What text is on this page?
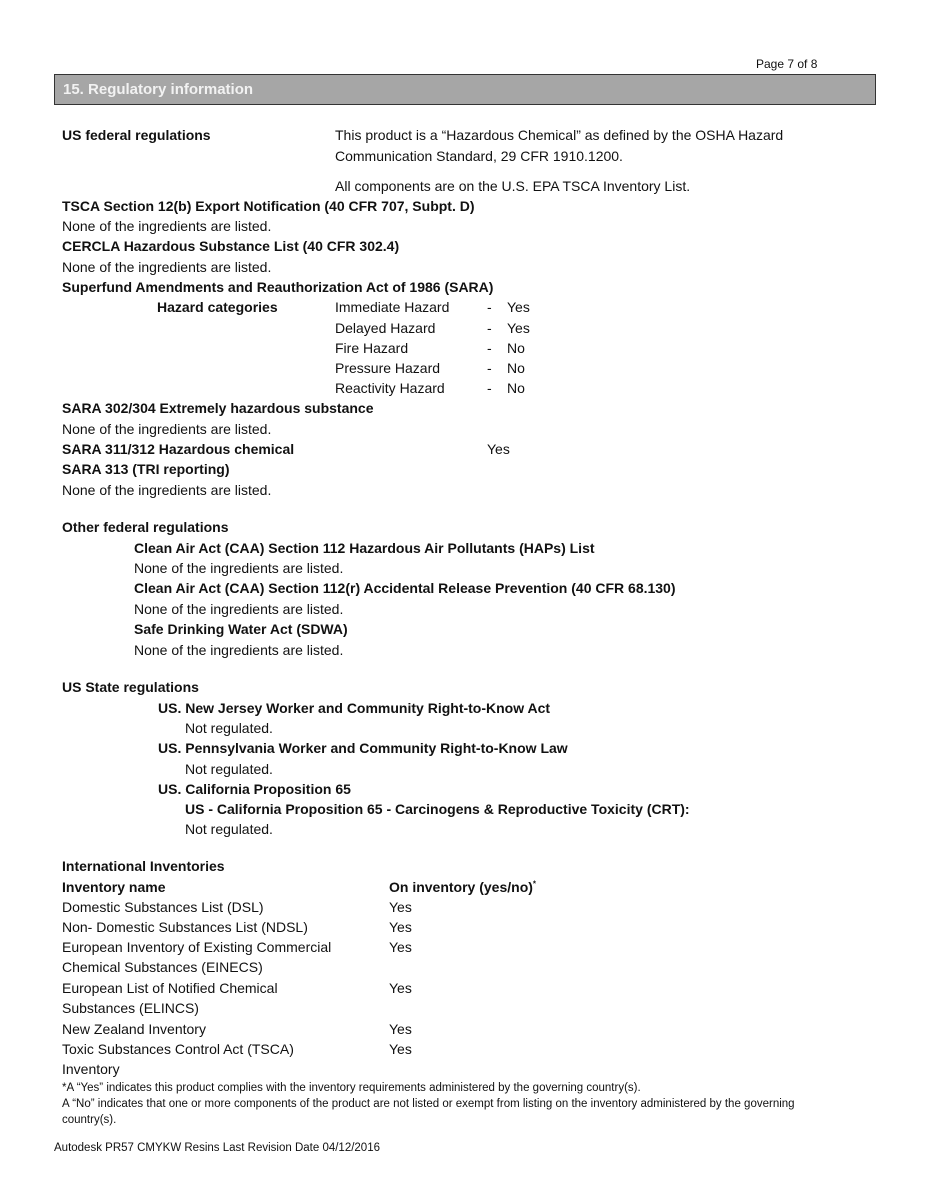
Page 7 of 8
15. Regulatory information
US federal regulations	This product is a “Hazardous Chemical” as defined by the OSHA Hazard
Communication Standard, 29 CFR 1910.1200.
All components are on the U.S. EPA TSCA Inventory List.
TSCA Section 12(b) Export Notification (40 CFR 707, Subpt. D)
None of the ingredients are listed.
CERCLA Hazardous Substance List (40 CFR 302.4)
None of the ingredients are listed.
Superfund Amendments and Reauthorization Act of 1986 (SARA)
Hazard categories	Immediate Hazard	- Yes
Delayed Hazard	- Yes
Fire Hazard	- No
Pressure Hazard	- No
Reactivity Hazard	- No
SARA 302/304 Extremely hazardous substance
None of the ingredients are listed.
SARA 311/312 Hazardous chemical	Yes
SARA 313 (TRI reporting)
None of the ingredients are listed.
Other federal regulations
Clean Air Act (CAA) Section 112 Hazardous Air Pollutants (HAPs) List
None of the ingredients are listed.
Clean Air Act (CAA) Section 112(r) Accidental Release Prevention (40 CFR 68.130)
None of the ingredients are listed.
Safe Drinking Water Act (SDWA)
None of the ingredients are listed.
US State regulations
US. New Jersey Worker and Community Right-to-Know Act
Not regulated.
US. Pennsylvania Worker and Community Right-to-Know Law
Not regulated.
US. California Proposition 65
US - California Proposition 65 - Carcinogens & Reproductive Toxicity (CRT):
Not regulated.
International Inventories
Inventory name	On inventory (yes/no)*
Domestic Substances List (DSL)	Yes
Non- Domestic Substances List (NDSL)	Yes
European Inventory of Existing Commercial Chemical Substances (EINECS)
Yes
European List of Notified Chemical Substances (ELINCS)
Yes
New Zealand Inventory	Yes
Toxic Substances Control Act (TSCA) Inventory
Yes
*A “Yes” indicates this product complies with the inventory requirements administered by the governing country(s).
A “No” indicates that one or more components of the product are not listed or exempt from listing on the inventory administered by the governing country(s).
Autodesk PR57 CMYKW Resins Last Revision Date 04/12/2016
